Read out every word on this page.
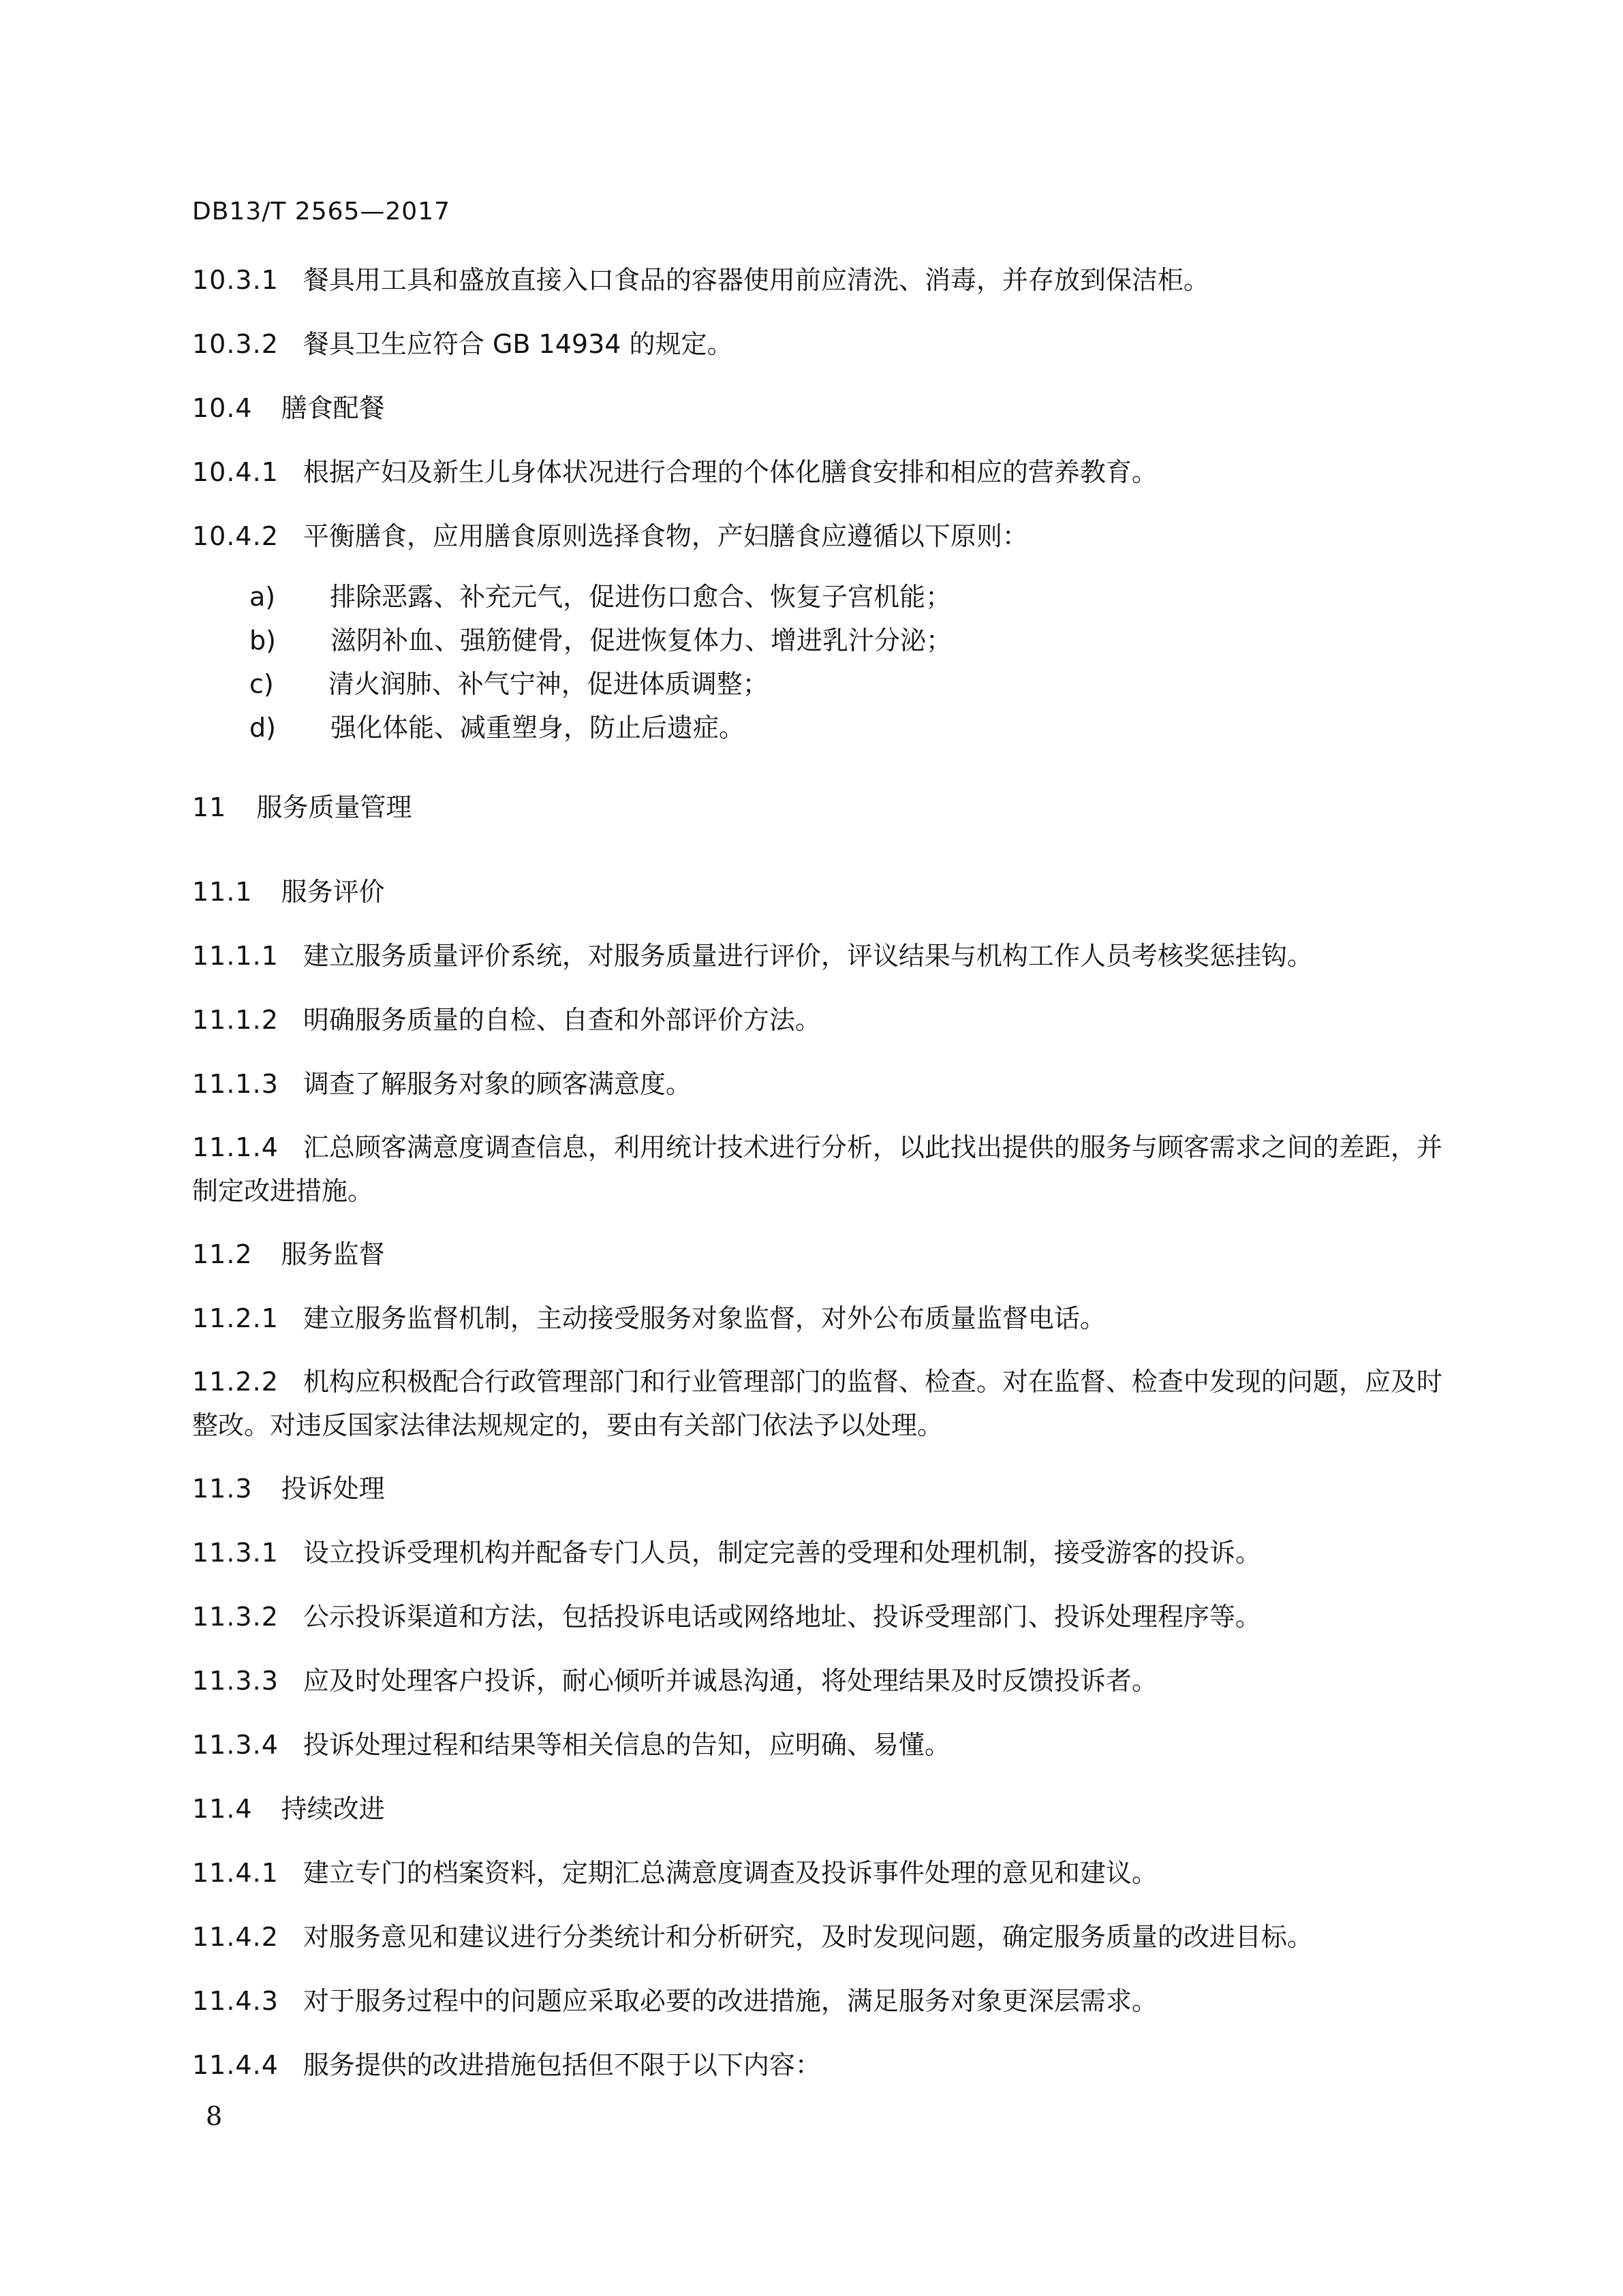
DB13/T 2565—2017
10.3.1 餐具用工具和盛放直接入口食品的容器使用前应清洗、消毒，并存放到保洁柜。
10.3.2 餐具卫生应符合 GB 14934 的规定。
10.4 膳食配餐
10.4.1 根据产妇及新生儿身体状况进行合理的个体化膳食安排和相应的营养教育。
10.4.2 平衡膳食，应用膳食原则选择食物，产妇膳食应遵循以下原则：
a) 排除恶露、补充元气，促进伤口愈合、恢复子宫机能；
b) 滋阴补血、强筋健骨，促进恢复体力、增进乳汁分泌；
c) 清火润肺、补气宁神，促进体质调整；
d) 强化体能、减重塑身，防止后遗症。
11 服务质量管理
11.1 服务评价
11.1.1 建立服务质量评价系统，对服务质量进行评价，评议结果与机构工作人员考核奖惩挂钩。
11.1.2 明确服务质量的自检、自查和外部评价方法。
11.1.3 调查了解服务对象的顾客满意度。
11.1.4 汇总顾客满意度调查信息，利用统计技术进行分析，以此找出提供的服务与顾客需求之间的差距，并制定改进措施。
11.2 服务监督
11.2.1 建立服务监督机制，主动接受服务对象监督，对外公布质量监督电话。
11.2.2 机构应积极配合行政管理部门和行业管理部门的监督、检查。对在监督、检查中发现的问题，应及时整改。对违反国家法律法规规定的，要由有关部门依法予以处理。
11.3 投诉处理
11.3.1 设立投诉受理机构并配备专门人员，制定完善的受理和处理机制，接受游客的投诉。
11.3.2 公示投诉渠道和方法，包括投诉电话或网络地址、投诉受理部门、投诉处理程序等。
11.3.3 应及时处理客户投诉，耐心倾听并诚恳沟通，将处理结果及时反馈投诉者。
11.3.4 投诉处理过程和结果等相关信息的告知，应明确、易懂。
11.4 持续改进
11.4.1 建立专门的档案资料，定期汇总满意度调查及投诉事件处理的意见和建议。
11.4.2 对服务意见和建议进行分类统计和分析研究，及时发现问题，确定服务质量的改进目标。
11.4.3 对于服务过程中的问题应采取必要的改进措施，满足服务对象更深层需求。
11.4.4 服务提供的改进措施包括但不限于以下内容：
8
